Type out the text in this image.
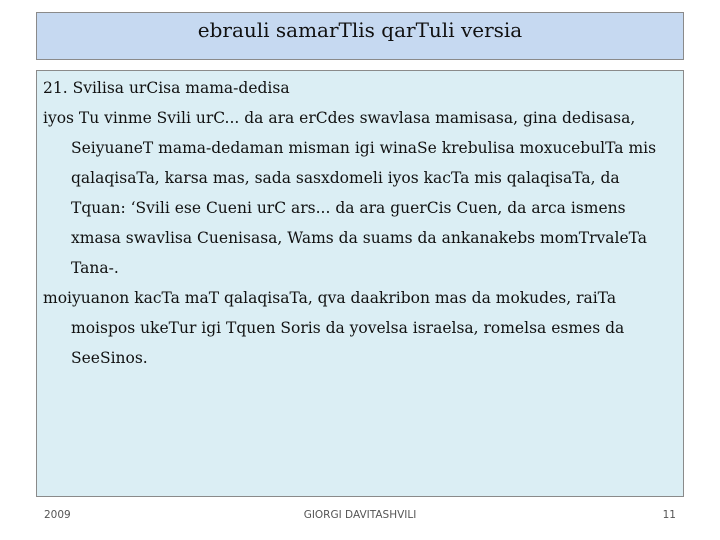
ebrauli samarTlis qarTuli versia

21. Svilisa urCisa mama-dedisa

iyos Tu vinme Svili urC... da ara erCdes swavlasa mamisasa, gina dedisasa, SeiyuaneT mama-dedaman misman igi winaSe krebulisa moxucebulTa mis qalaqisaTa, karsa mas, sada sasxdomeli iyos kacTa mis qalaqisaTa, da Tquan: ‘Svili ese Cueni urC ars... da ara guerCis Cuen, da arca ismens xmasa swavlisa Cuenisasa, Wams da suams da ankanakebs momTrvaleTa Tana-.

moiyuanon kacTa maT qalaqisaTa, qva daakribon mas da mokudes, raiTa moispos ukeTur igi Tquen Soris da yovelsa israelsa, romelsa esmes da SeeSinos.

2009	GIORGI DAVITASHVILI	11
